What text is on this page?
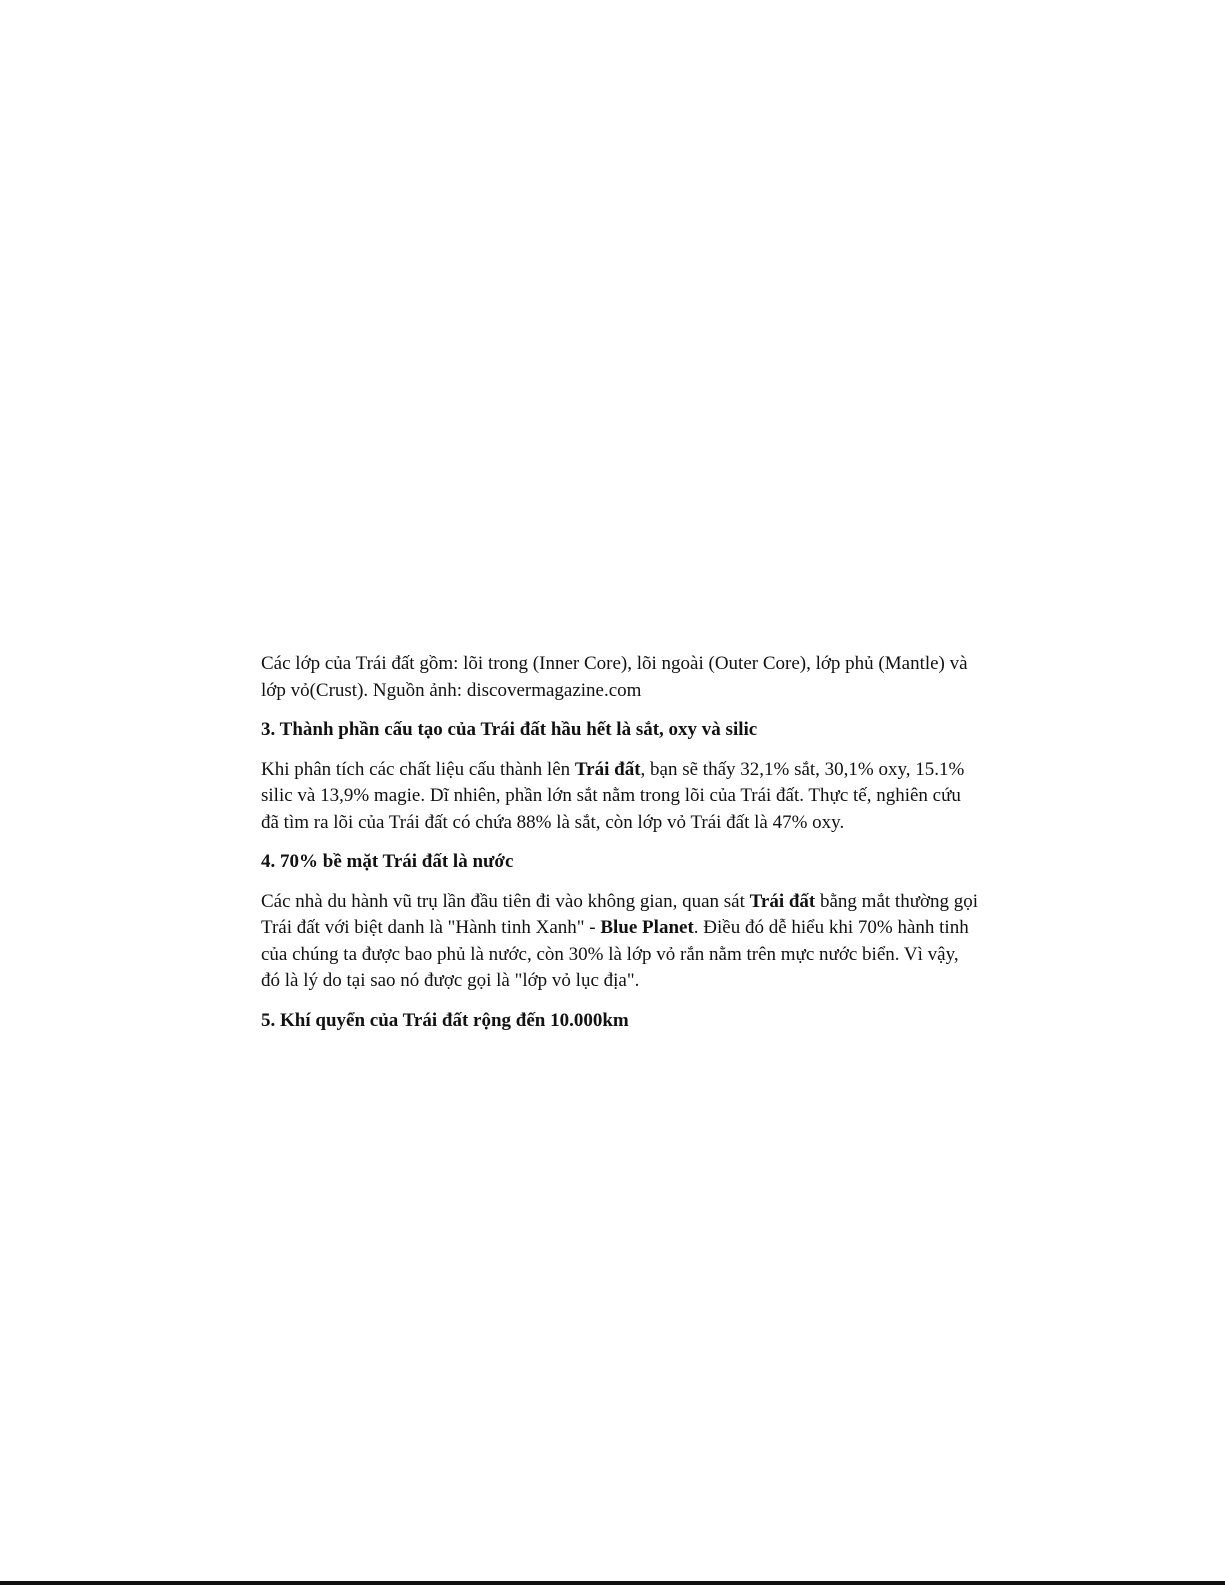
Các lớp của Trái đất gồm: lõi trong (Inner Core), lõi ngoài (Outer Core), lớp phủ (Mantle) và lớp vỏ(Crust). Nguồn ảnh: discovermagazine.com

3. Thành phần cấu tạo của Trái đất hầu hết là sắt, oxy và silic

Khi phân tích các chất liệu cấu thành lên Trái đất, bạn sẽ thấy 32,1% sắt, 30,1% oxy, 15.1% silic và 13,9% magie. Dĩ nhiên, phần lớn sắt nằm trong lõi của Trái đất. Thực tế, nghiên cứu đã tìm ra lõi của Trái đất có chứa 88% là sắt, còn lớp vỏ Trái đất là 47% oxy.

4. 70% bề mặt Trái đất là nước

Các nhà du hành vũ trụ lần đầu tiên đi vào không gian, quan sát Trái đất bằng mắt thường gọi Trái đất với biệt danh là "Hành tinh Xanh" - Blue Planet. Điều đó dễ hiểu khi 70% hành tinh của chúng ta được bao phủ là nước, còn 30% là lớp vỏ rắn nằm trên mực nước biển. Vì vậy, đó là lý do tại sao nó được gọi là "lớp vỏ lục địa".

5. Khí quyển của Trái đất rộng đến 10.000km
